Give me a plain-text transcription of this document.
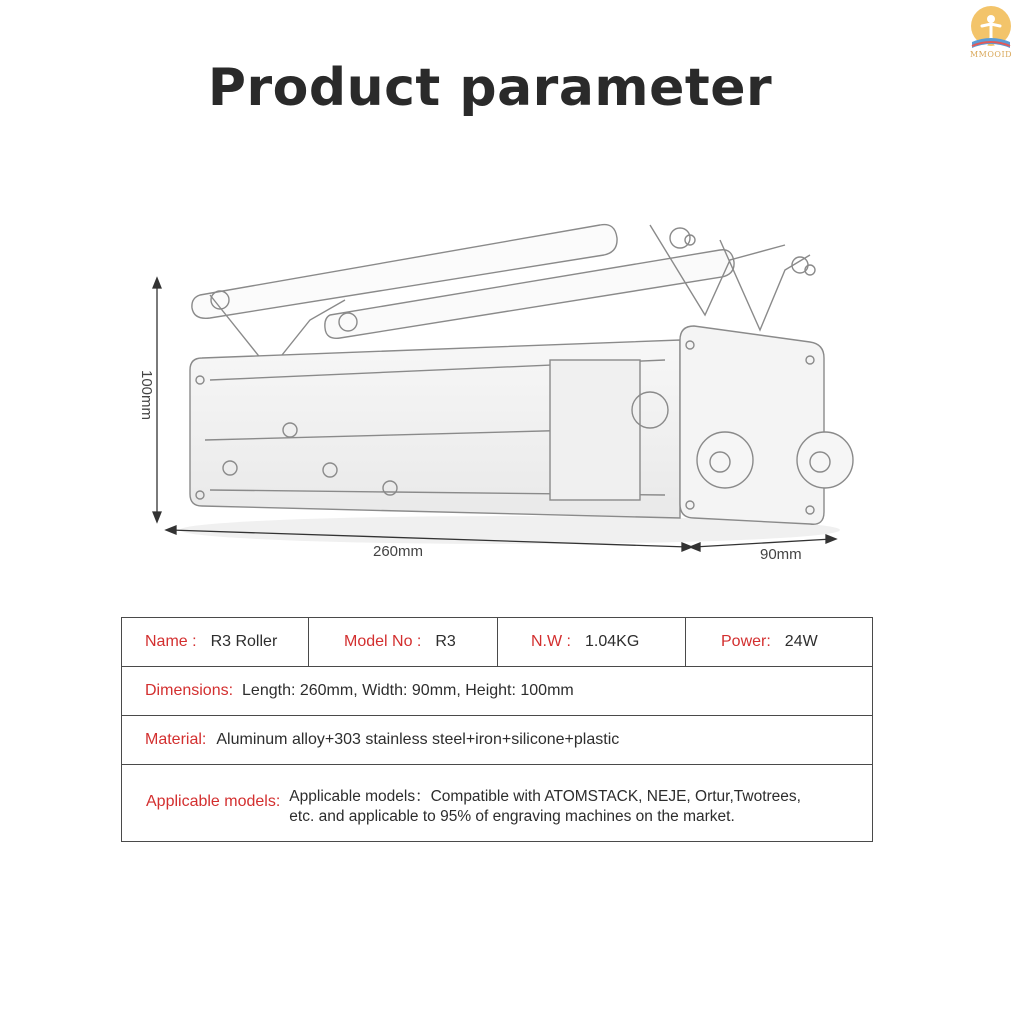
MMOOID
Product parameter
100mm
260mm	90mm
Name : R3 Roller	Model No : R3	N.W : 1.04KG	Power: 24W

Dimensions: Length: 260mm, Width: 90mm, Height: 100mm

Material: Aluminum alloy+303 stainless steel+iron+silicone+plastic

Applicable models: Applicable models：Compatible with ATOMSTACK, NEJE, Ortur,Twotrees, etc. and applicable to 95% of engraving machines on the market.
